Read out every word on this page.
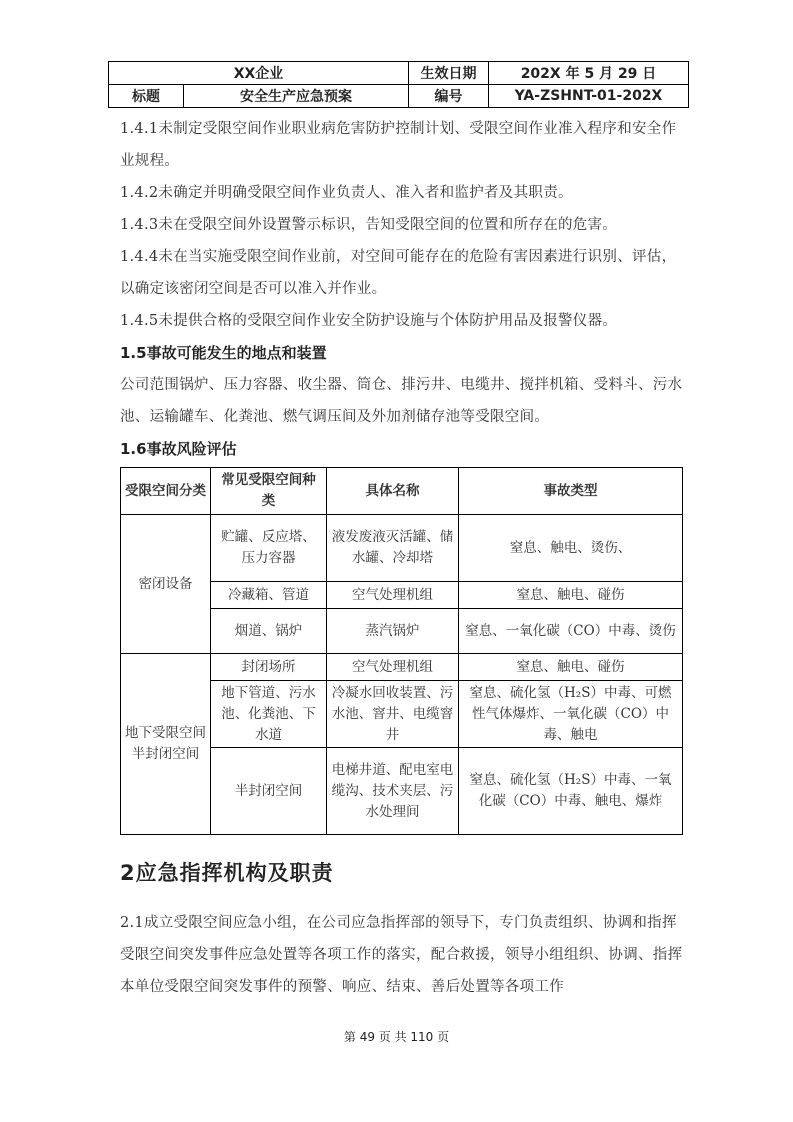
XX企业		生效日期	202X 年 5 月 29 日
标题	安全生产应急预案	编号	YA-ZSHNT-01-202X

1.4.1未制定受限空间作业职业病危害防护控制计划、受限空间作业准入程序和安全作业规程。

1.4.2未确定并明确受限空间作业负责人、准入者和监护者及其职责。

1.4.3未在受限空间外设置警示标识，告知受限空间的位置和所存在的危害。

1.4.4未在当实施受限空间作业前，对空间可能存在的危险有害因素进行识别、评估，以确定该密闭空间是否可以准入并作业。

1.4.5未提供合格的受限空间作业安全防护设施与个体防护用品及报警仪器。

1.5事故可能发生的地点和装置

公司范围锅炉、压力容器、收尘器、筒仓、排污井、电缆井、搅拌机箱、受料斗、污水池、运输罐车、化粪池、燃气调压间及外加剂储存池等受限空间。

1.6事故风险评估

受限空间分类	常见受限空间种类	具体名称	事故类型
密闭设备	贮罐、反应塔、压力容器	液发废液灭活罐、储水罐、冷却塔	窒息、触电、烫伤、
	冷藏箱、管道	空气处理机组	窒息、触电、碰伤
	烟道、锅炉	蒸汽锅炉	窒息、一氧化碳（CO）中毒、烫伤
地下受限空间半封闭空间	封闭场所	空气处理机组	窒息、触电、碰伤
	地下管道、污水池、化粪池、下水道	冷凝水回收装置、污水池、窨井、电缆窨井	窒息、硫化氢（H₂S）中毒、可燃性气体爆炸、一氧化碳（CO）中毒、触电
	半封闭空间	电梯井道、配电室电缆沟、技术夹层、污水处理间	窒息、硫化氢（H₂S）中毒、一氧化碳（CO）中毒、触电、爆炸

2应急指挥机构及职责

2.1成立受限空间应急小组，在公司应急指挥部的领导下，专门负责组织、协调和指挥受限空间突发事件应急处置等各项工作的落实，配合救援，领导小组组织、协调、指挥本单位受限空间突发事件的预警、响应、结束、善后处置等各项工作

第 49 页 共 110 页
